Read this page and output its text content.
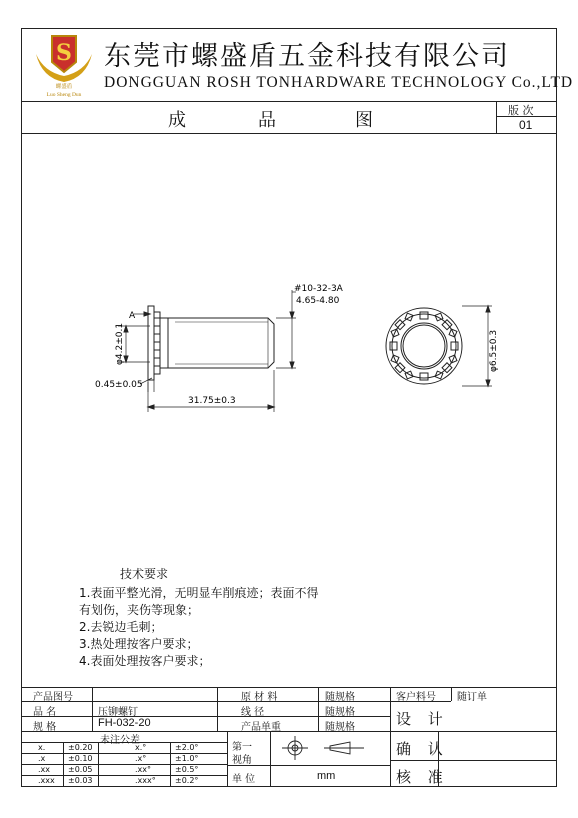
S
螺盛盾
Luo Sheng Dun
东莞市螺盛盾五金科技有限公司
DONGGUAN ROSH TONHARDWARE TECHNOLOGY Co.,LTD
成	品	图	版 次
01
#10-32-3A
4.65-4.80
A
φ4.2±0.1
0.45±0.05
31.75±0.3
φ6.5±0.3
技术要求
1.表面平整光滑，无明显车削痕迹；表面不得
有划伤，夹伤等现象；
2.去锐边毛刺；
3.热处理按客户要求；
4.表面处理按客户要求；
产品图号
品 名	压铆螺钉
规 格	FH-032-20
未注公差
原 材 料	随规格
线 径	随规格
产品单重	随规格
客户料号 随订单
设 计
确 认
核 准
第一
视角
单 位	mm
x.	±0.20	x.°	±2.0°
.x	±0.10	.x°	±1.0°
.xx ±0.05	.xx°	±0.5°
.xxx ±0.03	.xxx° ±0.2°
